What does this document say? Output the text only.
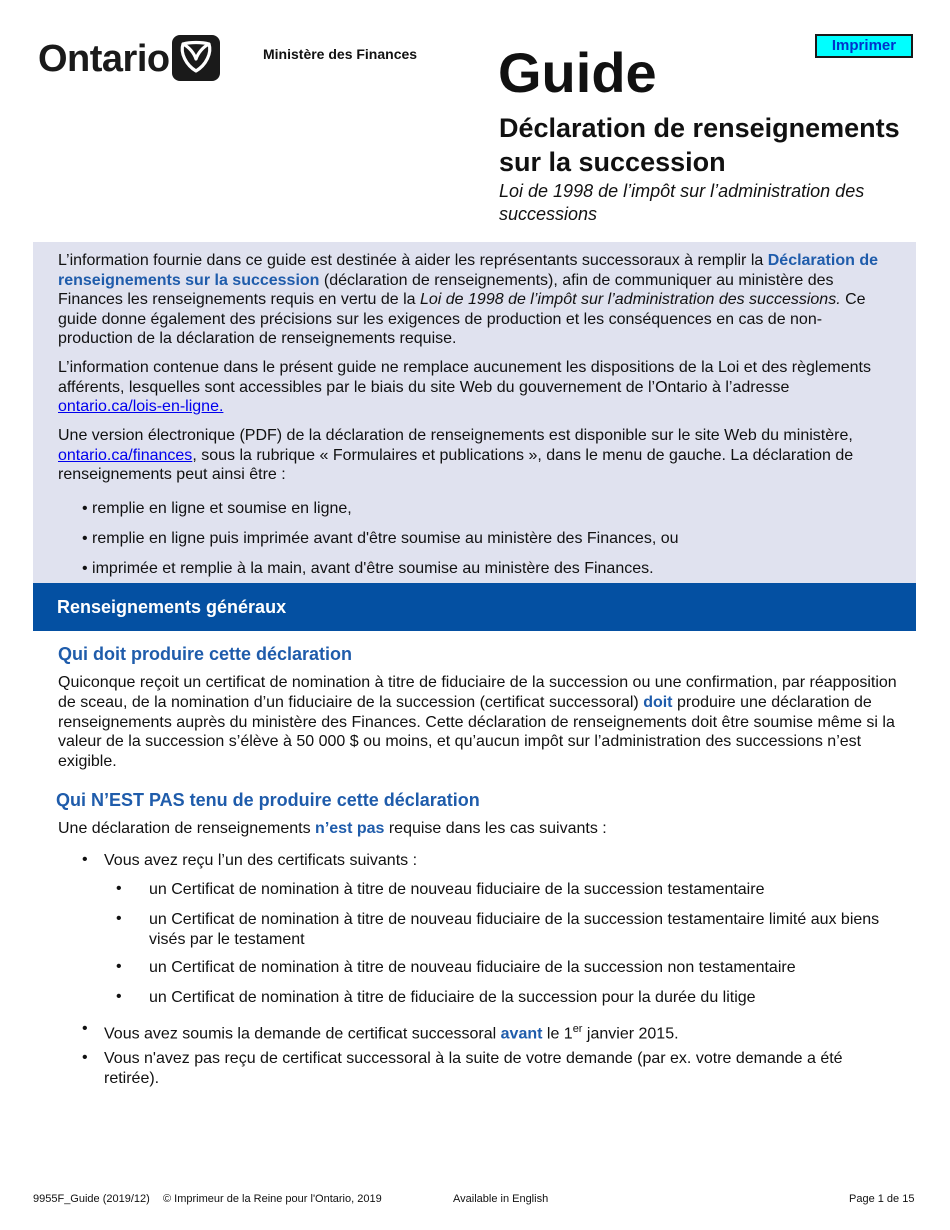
Ontario	Ministère des Finances	Imprimer
Guide
Déclaration de renseignements sur la succession
Loi de 1998 de l’impôt sur l’administration des successions

L’information fournie dans ce guide est destinée à aider les représentants successoraux à remplir la Déclaration de renseignements sur la succession (déclaration de renseignements), afin de communiquer au ministère des Finances les renseignements requis en vertu de la Loi de 1998 de l’impôt sur l’administration des successions. Ce guide donne également des précisions sur les exigences de production et les conséquences en cas de non-production de la déclaration de renseignements requise.

L’information contenue dans le présent guide ne remplace aucunement les dispositions de la Loi et des règlements afférents, lesquelles sont accessibles par le biais du site Web du gouvernement de l’Ontario à l’adresse ontario.ca/lois-en-ligne.

Une version électronique (PDF) de la déclaration de renseignements est disponible sur le site Web du ministère, ontario.ca/finances, sous la rubrique « Formulaires et publications », dans le menu de gauche. La déclaration de renseignements peut ainsi être :

• remplie en ligne et soumise en ligne,
• remplie en ligne puis imprimée avant d'être soumise au ministère des Finances, ou
• imprimée et remplie à la main, avant d'être soumise au ministère des Finances.
Renseignements généraux
Qui doit produire cette déclaration

Quiconque reçoit un certificat de nomination à titre de fiduciaire de la succession ou une confirmation, par réapposition de sceau, de la nomination d’un fiduciaire de la succession (certificat successoral) doit produire une déclaration de renseignements auprès du ministère des Finances. Cette déclaration de renseignements doit être soumise même si la valeur de la succession s’élève à 50 000 $ ou moins, et qu’aucun impôt sur l’administration des successions n’est exigible.

Qui N’EST PAS tenu de produire cette déclaration

Une déclaration de renseignements n’est pas requise dans les cas suivants :

• Vous avez reçu l’un des certificats suivants :
• un Certificat de nomination à titre de nouveau fiduciaire de la succession testamentaire
• un Certificat de nomination à titre de nouveau fiduciaire de la succession testamentaire limité aux biens visés par le testament
• un Certificat de nomination à titre de nouveau fiduciaire de la succession non testamentaire
• un Certificat de nomination à titre de fiduciaire de la succession pour la durée du litige
• Vous avez soumis la demande de certificat successoral avant le 1er janvier 2015.
• Vous n'avez pas reçu de certificat successoral à la suite de votre demande (par ex. votre demande a été retirée).
9955F_Guide (2019/12) © Imprimeur de la Reine pour l'Ontario, 2019	Available in English	Page 1 de 15
